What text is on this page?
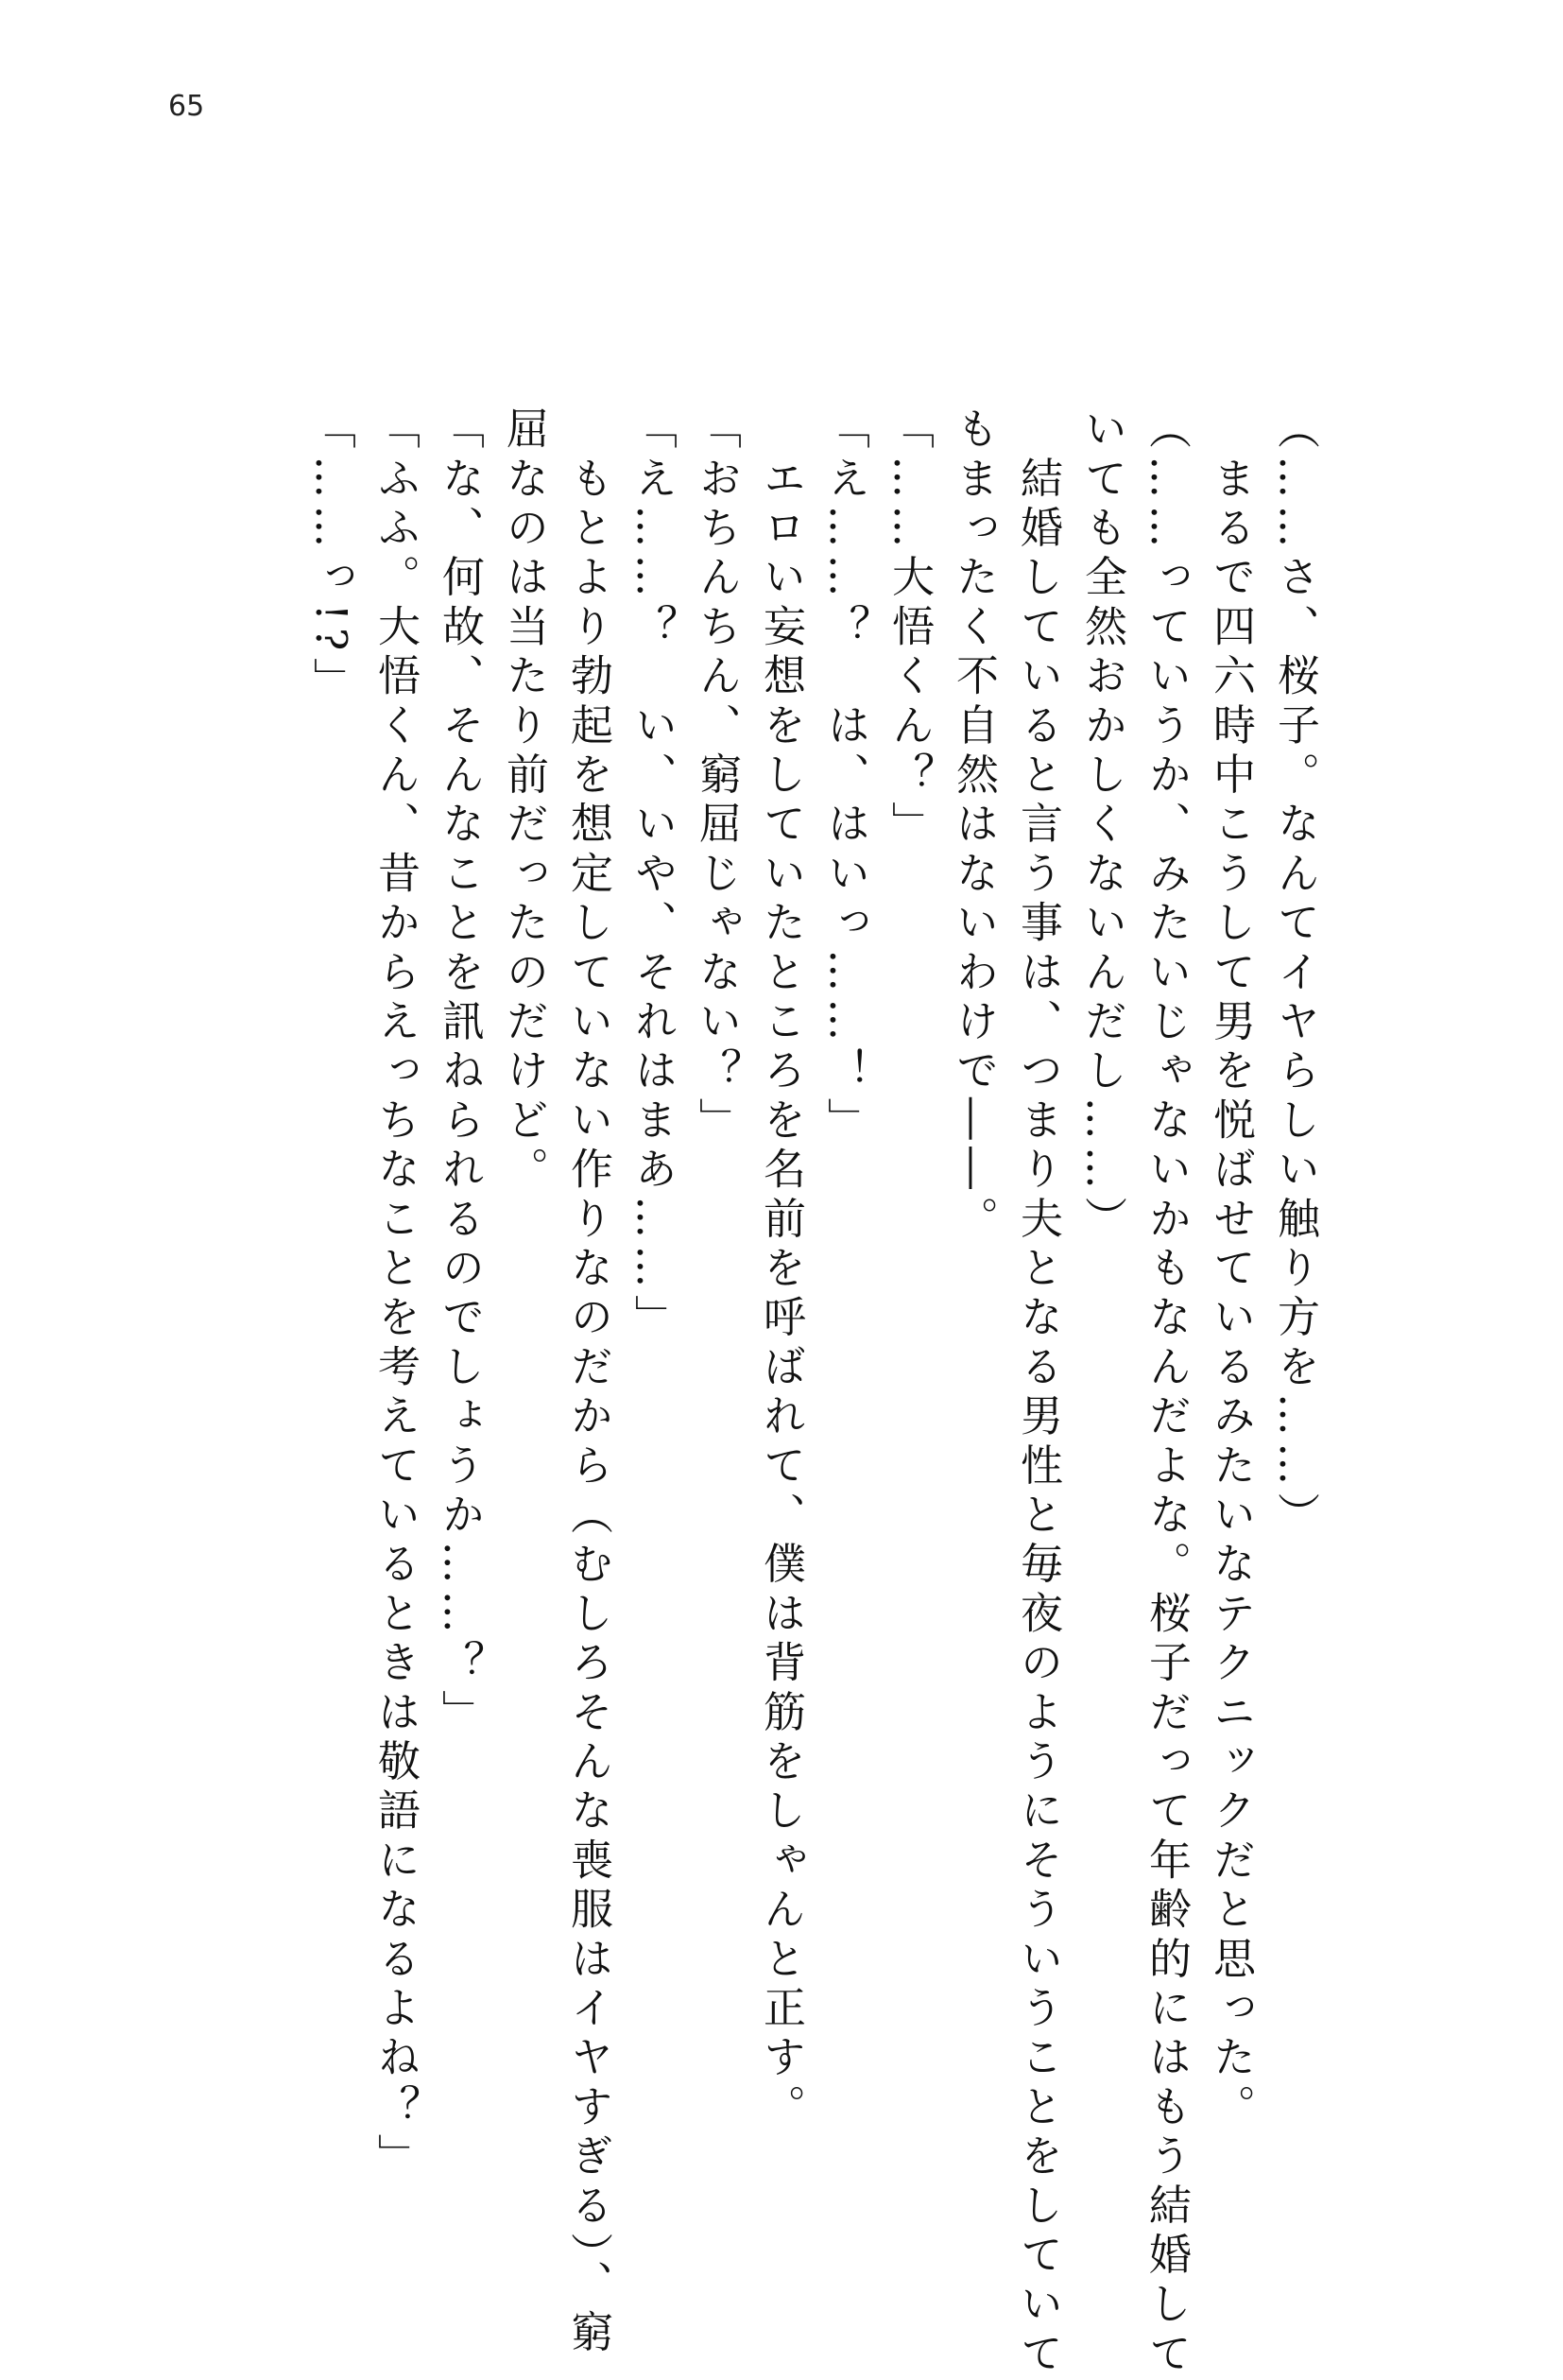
65
（……さ、桜子。なんてイヤらしい触り方を……）
　まるで四六時中こうして男を悦ばせているみたいなテクニックだと思った。
（……っていうか、みたいじゃないかもなんだよな。桜子だって年齢的にはもう結婚して
いても全然おかしくないんだし……）
　結婚していると言う事は、つまり夫となる男性と毎夜のようにそういうことをしていて
もまったく不自然はないわけで――。
「……大悟くん？」
「え……？　は、はいっ……！」
　エロい妄想をしていたところを名前を呼ばれて、僕は背筋をしゃんと正す。
「おちんちん、窮屈じゃない？」
「え……？　い、いや、それはまあ……」
　もとより勃起を想定していない作りなのだから（むしろそんな喪服はイヤすぎる）、窮
屈なのは当たり前だったのだけど。
「な、何故、そんなことを訊ねられるのでしょうか……？」
「ふふ。大悟くん、昔からえっちなことを考えているときは敬語になるよね？」
「……っ!?」
